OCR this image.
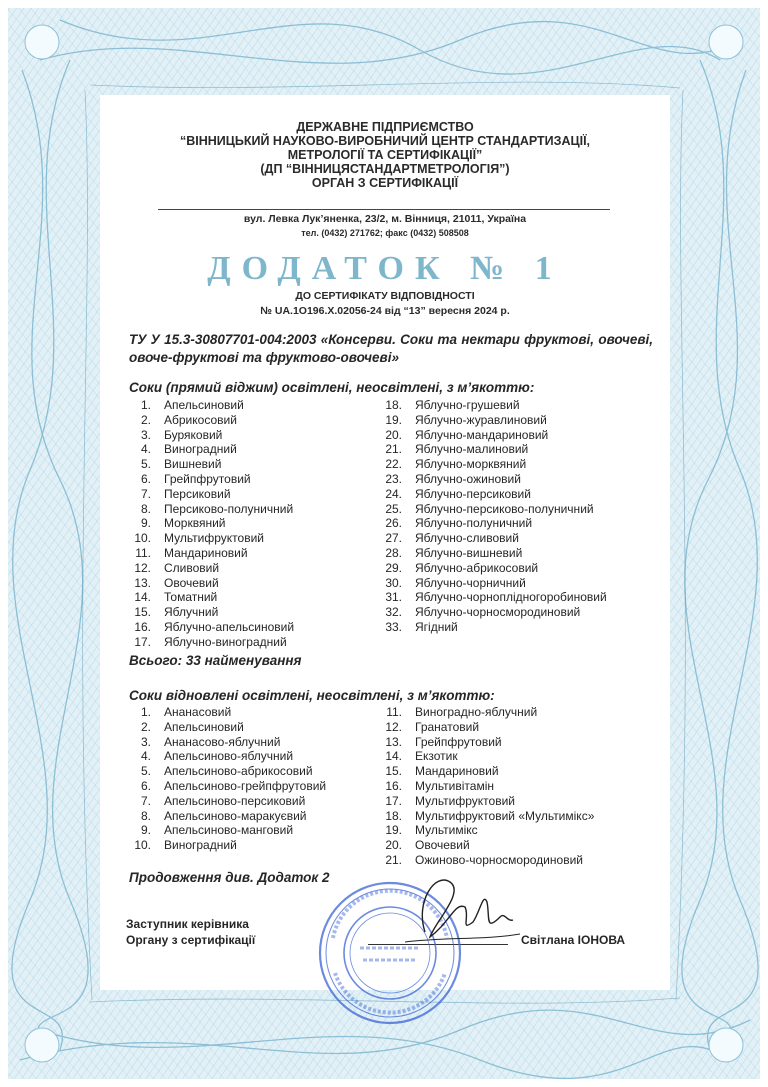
ДЕРЖАВНЕ ПІДПРИЄМСТВО
“ВІННИЦЬКИЙ НАУКОВО-ВИРОБНИЧИЙ ЦЕНТР СТАНДАРТИЗАЦІЇ,
МЕТРОЛОГІЇ ТА СЕРТИФІКАЦІЇ”
(ДП “ВІННИЦЯСТАНДАРТМЕТРОЛОГІЯ”)
ОРГАН З СЕРТИФІКАЦІЇ
вул. Левка Лук’яненка, 23/2, м. Вінниця, 21011, Україна
тел. (0432) 271762; факс (0432) 508508
ДОДАТОК № 1
ДО СЕРТИФІКАТУ ВІДПОВІДНОСТІ
№ UA.1O196.X.02056-24 від “13” вересня 2024 р.
ТУ У 15.3-30807701-004:2003 «Консерви. Соки та нектари фруктові, овочеві, овоче-фруктові та фруктово-овочеві»
Соки (прямий віджим) освітлені, неосвітлені, з м’якоттю:
1. Апельсиновий
2. Абрикосовий
3. Буряковий
4. Виноградний
5. Вишневий
6. Грейпфрутовий
7. Персиковий
8. Персиково-полуничний
9. Морквяний
10. Мультифруктовий
11. Мандариновий
12. Сливовий
13. Овочевий
14. Томатний
15. Яблучний
16. Яблучно-апельсиновий
17. Яблучно-виноградний
18. Яблучно-грушевий
19. Яблучно-журавлиновий
20. Яблучно-мандариновий
21. Яблучно-малиновий
22. Яблучно-морквяний
23. Яблучно-ожиновий
24. Яблучно-персиковий
25. Яблучно-персиково-полуничний
26. Яблучно-полуничний
27. Яблучно-сливовий
28. Яблучно-вишневий
29. Яблучно-абрикосовий
30. Яблучно-чорничний
31. Яблучно-чорноплідногоробиновий
32. Яблучно-чорносмородиновий
33. Ягідний
Всього: 33 найменування
Соки відновлені освітлені, неосвітлені, з м’якоттю:
1. Ананасовий
2. Апельсиновий
3. Ананасово-яблучний
4. Апельсиново-яблучний
5. Апельсиново-абрикосовий
6. Апельсиново-грейпфрутовий
7. Апельсиново-персиковий
8. Апельсиново-маракуєвий
9. Апельсиново-манговий
10. Виноградний
11. Виноградно-яблучний
12. Гранатовий
13. Грейпфрутовий
14. Екзотик
15. Мандариновий
16. Мультивітамін
17. Мультифруктовий
18. Мультифруктовий «Мультимікс»
19. Мультимікс
20. Овочевий
21. Ожиново-чорносмородиновий
Продовження див. Додаток 2
Заступник керівника
Органу з сертифікації	Світлана ІОНОВА
